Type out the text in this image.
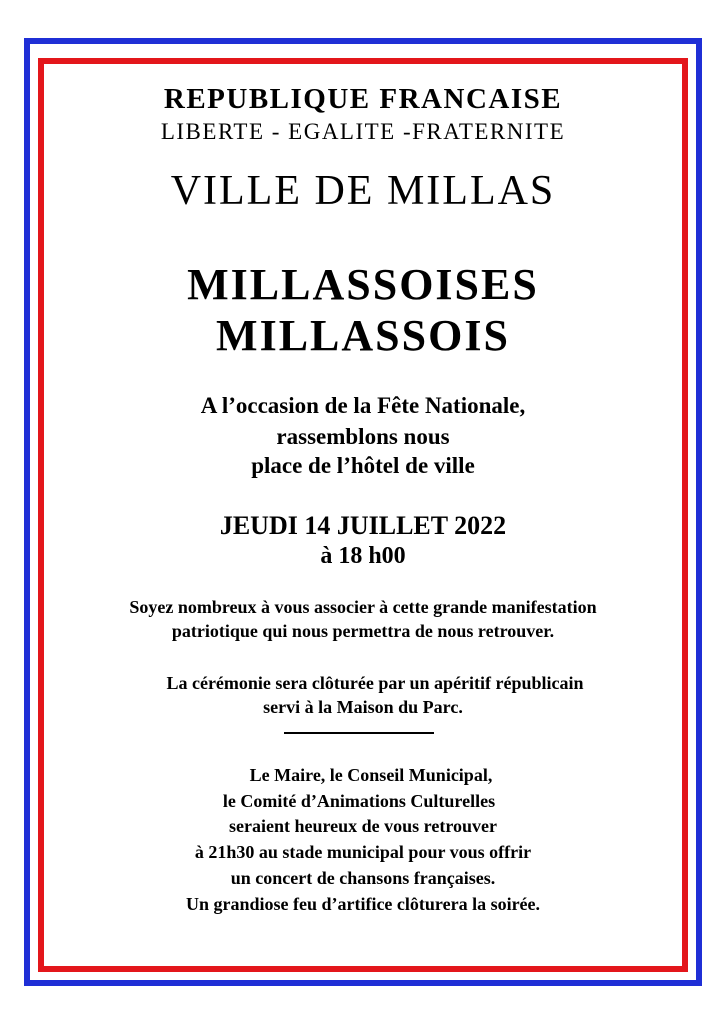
REPUBLIQUE FRANCAISE
LIBERTE - EGALITE -FRATERNITE
VILLE DE MILLAS
MILLASSOISES
MILLASSOIS
A l’occasion de la Fête Nationale,
rassemblons nous
place de l’hôtel de ville
JEUDI 14 JUILLET 2022
à 18 h00
Soyez nombreux à vous associer à cette grande manifestation
patriotique qui nous permettra de nous retrouver.
La cérémonie sera clôturée par un apéritif républicain
servi à la Maison du Parc.
Le Maire, le Conseil Municipal,
le Comité d’Animations Culturelles
seraient heureux de vous retrouver
à 21h30 au stade municipal pour vous offrir
un concert de chansons françaises.
Un grandiose feu d’artifice clôturera la soirée.
